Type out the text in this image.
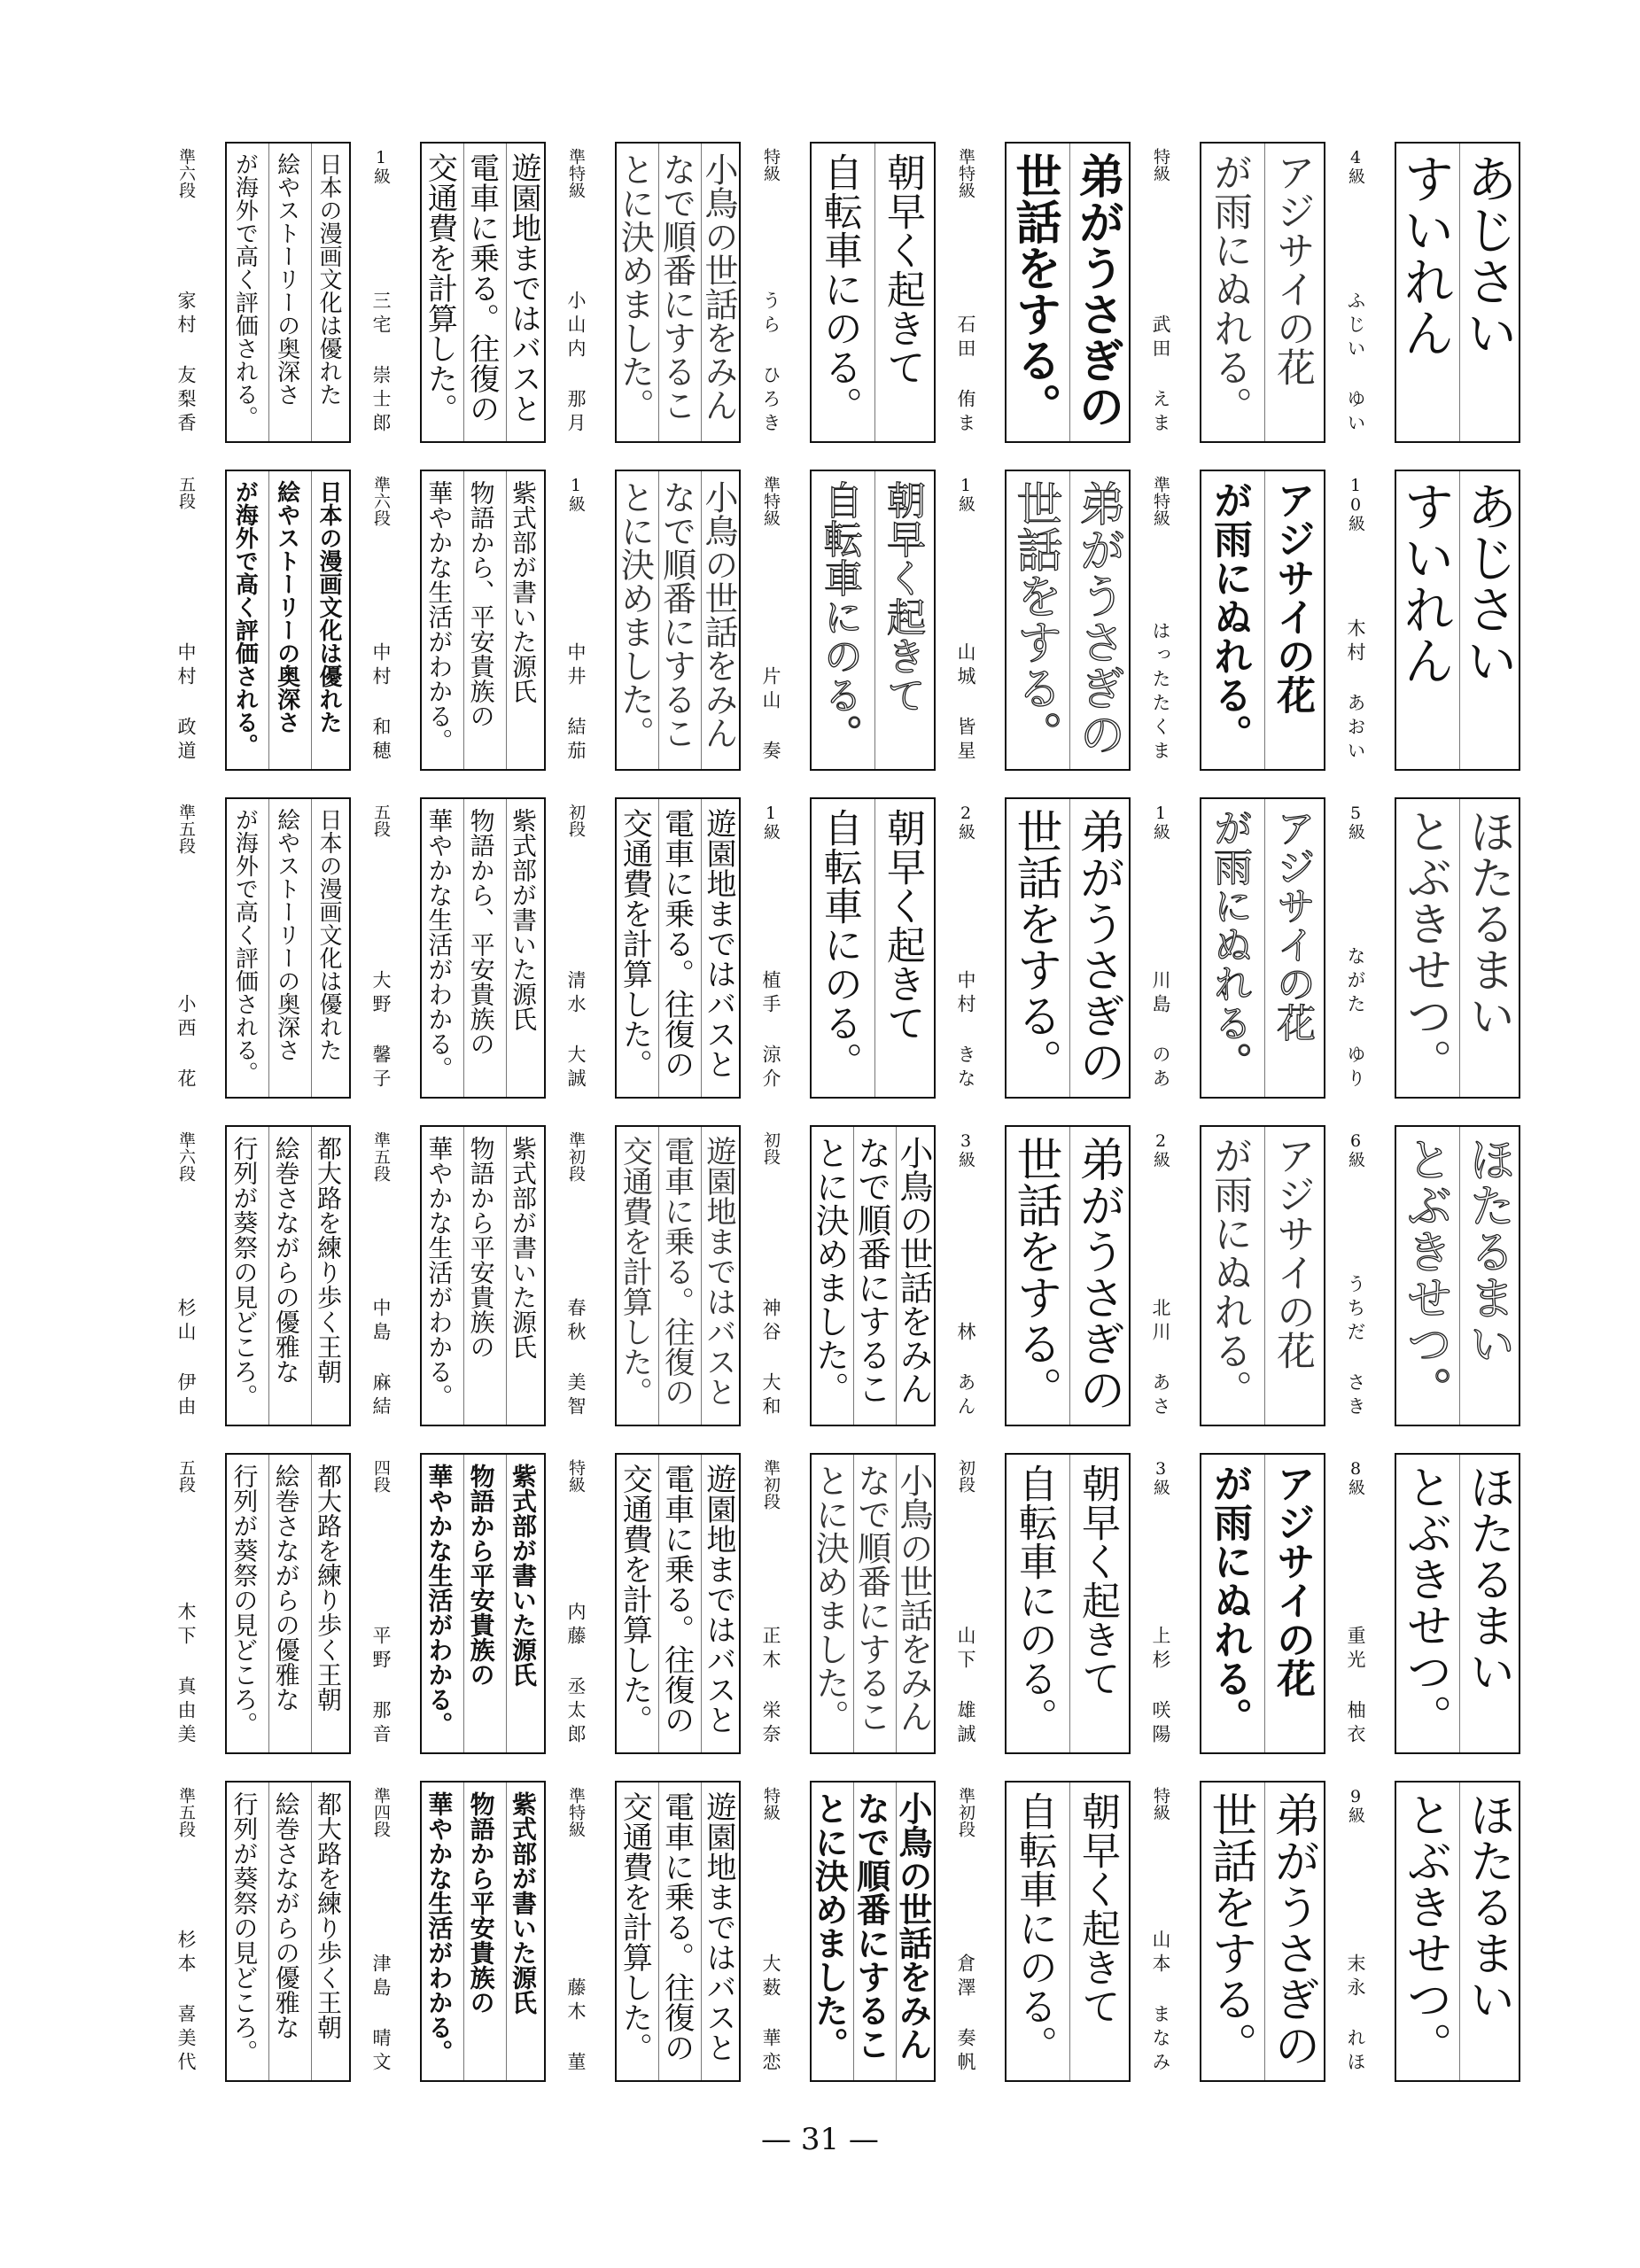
準六段
家村 友梨香	日本の漫画文化は優れた
絵やストーリーの奥深さ
が海外で高く評価される。	1級
三宅 崇士郎	遊園地まではバスと
電車に乗る。往復の
交通費を計算した。	準特級
小山内 那月	小鳥の世話をみん
なで順番にするこ
とに決めました。	特級
うら ひろき	朝早く起きて
自転車にのる。	準特級
石田 侑ま 弟がうさぎの
世話をする。	特級
武田 えま	アジサイの花
が雨にぬれる。	4級
ふじい ゆい
あじさい
すいれん
五段
中村 政道	日本の漫画文化は優れた
絵やストーリーの奥深さ
が海外で高く評価される。	準六段
中村 和穂	紫式部が書いた源氏
物語から、平安貴族の
華やかな生活がわかる。	1級
中井 結茄	小鳥の世話をみん
なで順番にするこ
とに決めました。	準特級
片山 奏
朝早く起きて
自転車にのる。	1級
山城 皆星 弟がうさぎの
世話をする。	準特級
はったたくま	アジサイの花
が雨にぬれる。	10級
木村 あおい
あじさい
すいれん
準五段
小西 花	日本の漫画文化は優れた
絵やストーリーの奥深さ
が海外で高く評価される。	五段
大野 馨子	紫式部が書いた源氏
物語から、平安貴族の
華やかな生活がわかる。	初段
清水 大誠	遊園地まではバスと
電車に乗る。往復の
交通費を計算した。	1級
植手 涼介	朝早く起きて
自転車にのる。	2級
中村 きな 弟がうさぎの
世話をする。	1級
川島 のあ	アジサイの花
が雨にぬれる。	5級
ながた ゆり ほたるまい
とぶきせつ。
準六段
杉山 伊由	都大路を練り歩く王朝
絵巻さながらの優雅な
行列が葵祭の見どころ。	準五段
中島 麻結	紫式部が書いた源氏
物語から平安貴族の
華やかな生活がわかる。	準初段
春秋 美智	遊園地まではバスと
電車に乗る。往復の
交通費を計算した。	初段
神谷 大和	小鳥の世話をみん
なで順番にするこ
とに決めました。	3級
林 あん 弟がうさぎの
世話をする。	2級
北川 あさ	アジサイの花
が雨にぬれる。	6級
うちだ さき ほたるまい
とぶきせつ。
五段
木下 真由美	都大路を練り歩く王朝
絵巻さながらの優雅な
行列が葵祭の見どころ。	四段
平野 那音	紫式部が書いた源氏
物語から平安貴族の
華やかな生活がわかる。	特級
内藤 丞太郎	遊園地まではバスと
電車に乗る。往復の
交通費を計算した。	準初段
正木 栄奈	小鳥の世話をみん
なで順番にするこ
とに決めました。	初段
山下 雄誠	朝早く起きて
自転車にのる。	3級
上杉 咲陽	アジサイの花
が雨にぬれる。	8級
重光 柚衣 ほたるまい
とぶきせつ。
準五段
杉本 喜美代	都大路を練り歩く王朝
絵巻さながらの優雅な
行列が葵祭の見どころ。	準四段
津島 晴文	紫式部が書いた源氏
物語から平安貴族の
華やかな生活がわかる。	準特級
藤木 菫	遊園地まではバスと
電車に乗る。往復の
交通費を計算した。	特級
大薮 華恋	小鳥の世話をみん
なで順番にするこ
とに決めました。	準初段
倉澤 奏帆	朝早く起きて
自転車にのる。	特級
山本 まなみ 弟がうさぎの
世話をする。	9級
末永 れほ ほたるまい
とぶきせつ。
— 31 —
